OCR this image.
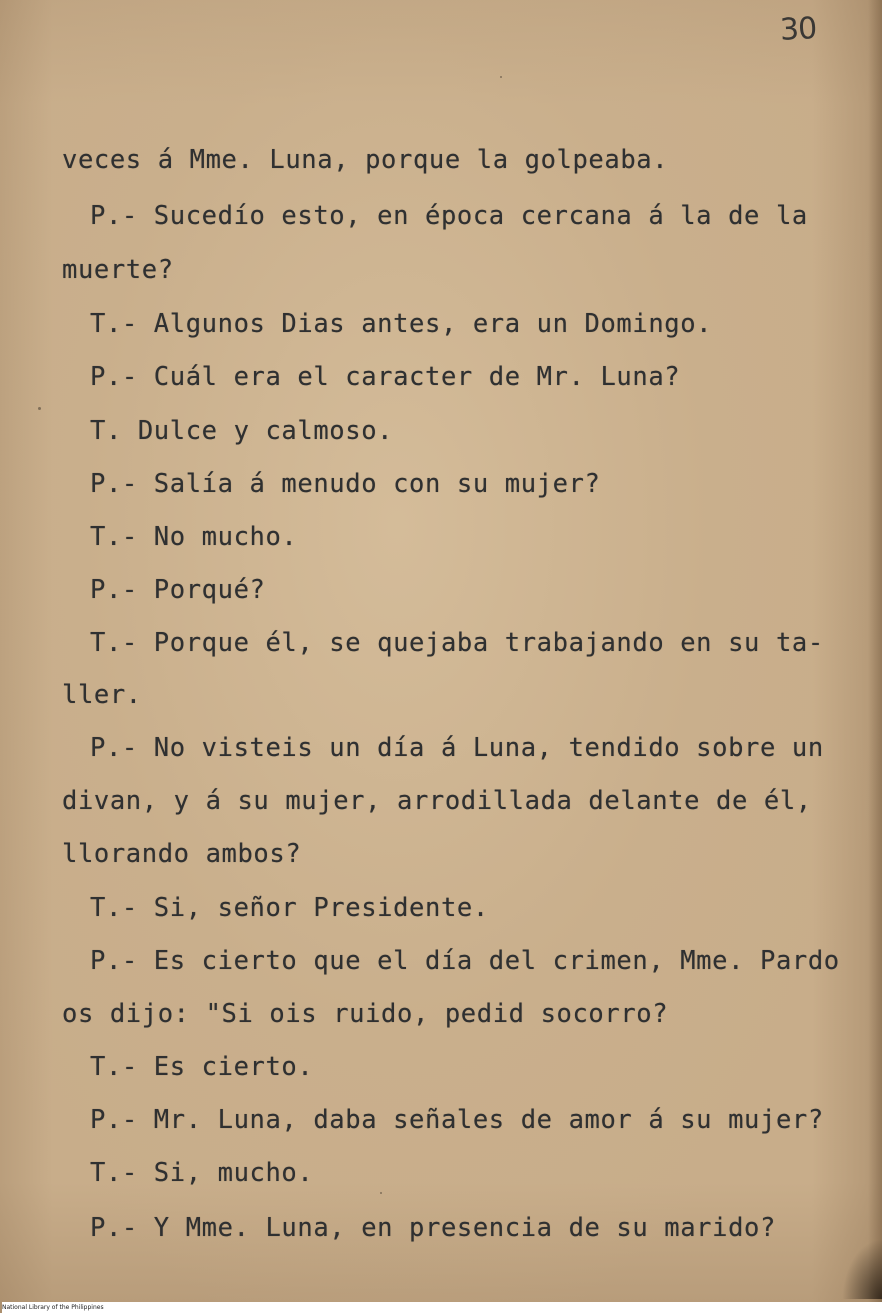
30
veces á Mme. Luna, porque la golpeaba.
P.- Sucedío esto, en época cercana á la de la
muerte?
T.- Algunos Dias antes, era un Domingo.
P.- Cuál era el caracter de Mr. Luna?
T. Dulce y calmoso.
P.- Salía á menudo con su mujer?
T.- No mucho.
P.- Porqué?
T.- Porque él, se quejaba trabajando en su ta-
ller.
P.- No visteis un día á Luna, tendido sobre un
divan, y á su mujer, arrodillada delante de él,
llorando ambos?
T.- Si, señor Presidente.
P.- Es cierto que el día del crimen, Mme. Pardo
os dijo: "Si ois ruido, pedid socorro?
T.- Es cierto.
P.- Mr. Luna, daba señales de amor á su mujer?
T.- Si, mucho.
P.- Y Mme. Luna, en presencia de su marido?
National Library of the Philippines
